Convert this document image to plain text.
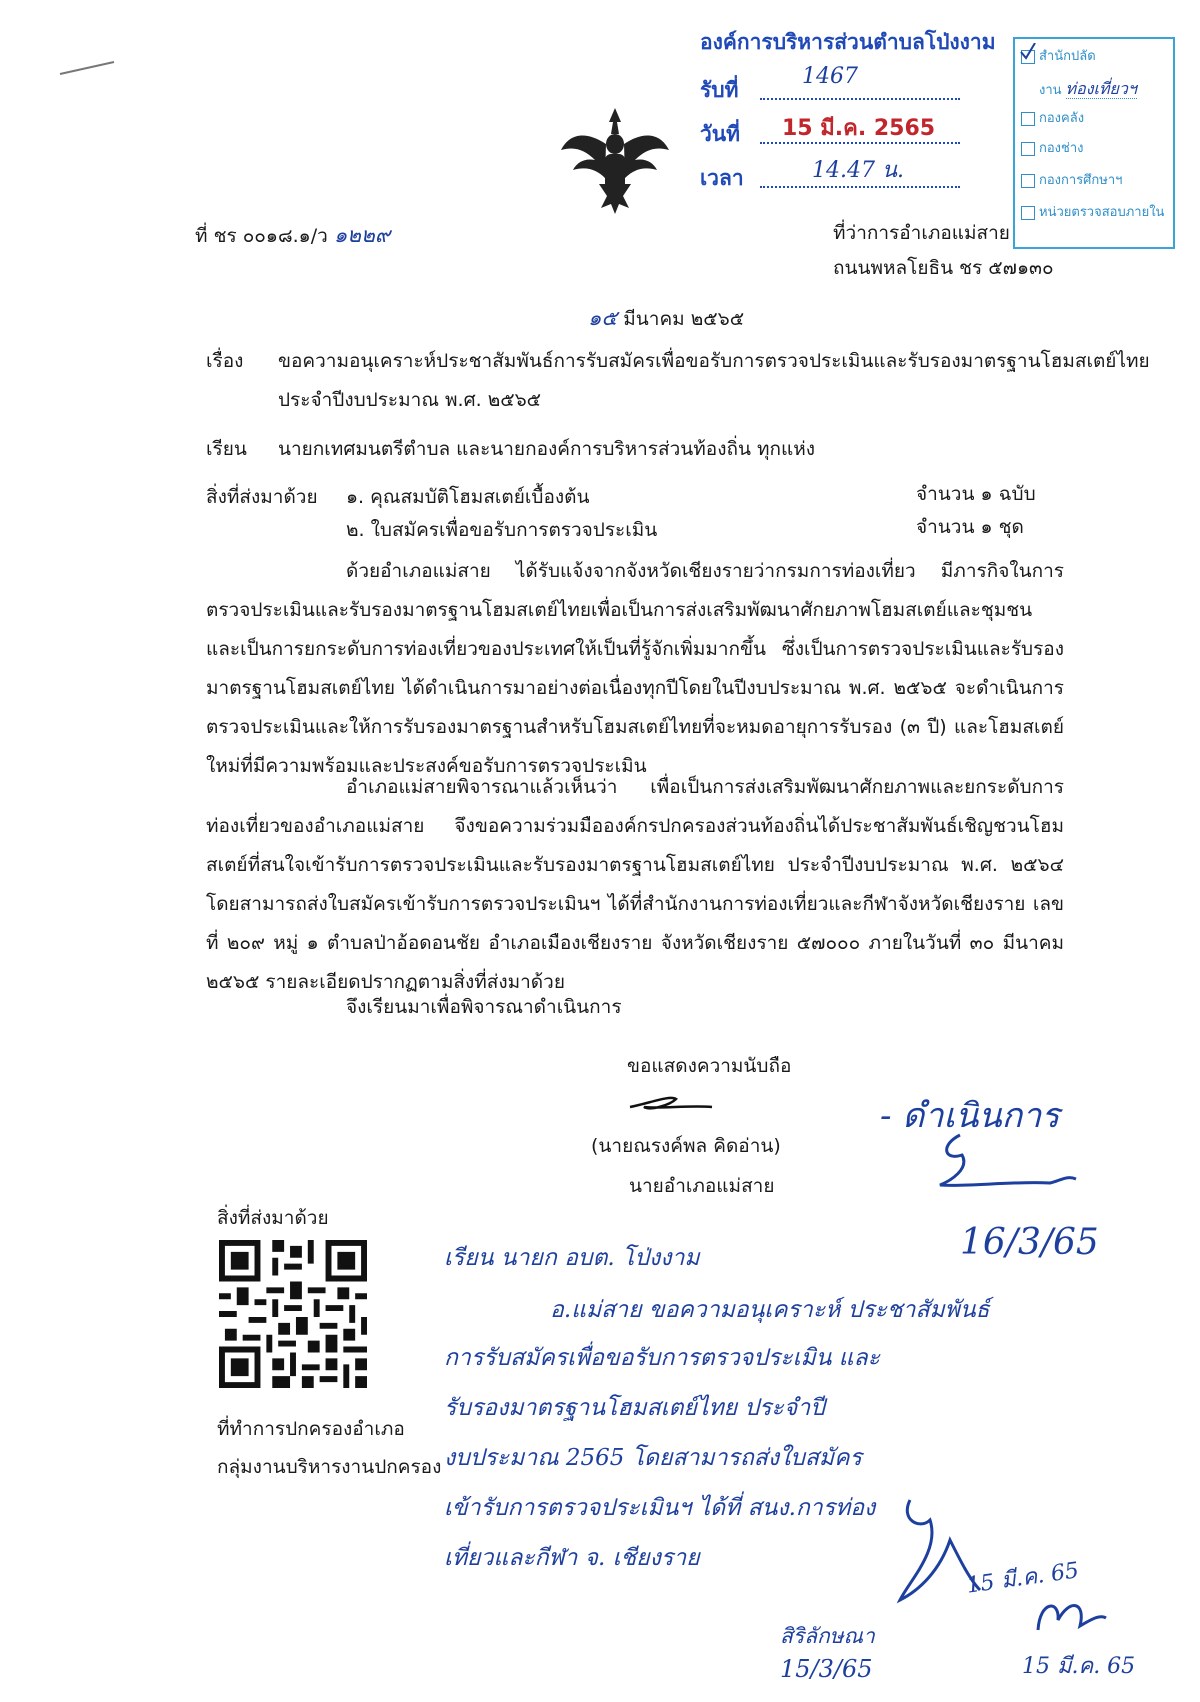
องค์การบริหารส่วนตำบลโป่งงาม
รับที่
1467
วันที่ 15 มี.ค. 2565
เวลา	14.47 น.
สำนักปลัด
งาน ท่องเที่ยวฯ
กองคลัง
กองช่าง
กองการศึกษาฯ
หน่วยตรวจสอบภายใน
ที่ ชร ๐๐๑๘.๑/ว ๑๒๒๙	ที่ว่าการอำเภอแม่สาย
ถนนพหลโยธิน ชร ๕๗๑๓๐
๑๕ มีนาคม ๒๕๖๕
เรื่อง ขอความอนุเคราะห์ประชาสัมพันธ์การรับสมัครเพื่อขอรับการตรวจประเมินและรับรองมาตรฐานโฮมสเตย์ไทย
ประจำปีงบประมาณ พ.ศ. ๒๕๖๕
เรียน นายกเทศมนตรีตำบล และนายกองค์การบริหารส่วนท้องถิ่น ทุกแห่ง
สิ่งที่ส่งมาด้วย ๑. คุณสมบัติโฮมสเตย์เบื้องต้น	จำนวน ๑ ฉบับ
๒. ใบสมัครเพื่อขอรับการตรวจประเมิน	จำนวน ๑ ชุด
ด้วยอำเภอแม่สาย ได้รับแจ้งจากจังหวัดเชียงรายว่ากรมการท่องเที่ยว มีภารกิจในการตรวจประเมินและรับรองมาตรฐานโฮมสเตย์ไทยเพื่อเป็นการส่งเสริมพัฒนาศักยภาพโฮมสเตย์และชุมชน และเป็นการยกระดับการท่องเที่ยวของประเทศให้เป็นที่รู้จักเพิ่มมากขึ้น ซึ่งเป็นการตรวจประเมินและรับรองมาตรฐานโฮมสเตย์ไทย ได้ดำเนินการมาอย่างต่อเนื่องทุกปีโดยในปีงบประมาณ พ.ศ. ๒๕๖๕ จะดำเนินการตรวจประเมินและให้การรับรองมาตรฐานสำหรับโฮมสเตย์ไทยที่จะหมดอายุการรับรอง (๓ ปี) และโฮมสเตย์ใหม่ที่มีความพร้อมและประสงค์ขอรับการตรวจประเมิน
อำเภอแม่สายพิจารณาแล้วเห็นว่า เพื่อเป็นการส่งเสริมพัฒนาศักยภาพและยกระดับการท่องเที่ยวของอำเภอแม่สาย จึงขอความร่วมมือองค์กรปกครองส่วนท้องถิ่นได้ประชาสัมพันธ์เชิญชวนโฮมสเตย์ที่สนใจเข้ารับการตรวจประเมินและรับรองมาตรฐานโฮมสเตย์ไทย ประจำปีงบประมาณ พ.ศ. ๒๕๖๔ โดยสามารถส่งใบสมัครเข้ารับการตรวจประเมินฯ ได้ที่สำนักงานการท่องเที่ยวและกีฬาจังหวัดเชียงราย เลขที่ ๒๐๙ หมู่ ๑ ตำบลป่าอ้อดอนชัย อำเภอเมืองเชียงราย จังหวัดเชียงราย ๕๗๐๐๐ ภายในวันที่ ๓๐ มีนาคม ๒๕๖๕ รายละเอียดปรากฏตามสิ่งที่ส่งมาด้วย
จึงเรียนมาเพื่อพิจารณาดำเนินการ
ขอแสดงความนับถือ
(นายณรงค์พล คิดอ่าน)
นายอำเภอแม่สาย
สิ่งที่ส่งมาด้วย
ที่ทำการปกครองอำเภอ
กลุ่มงานบริหารงานปกครอง
- ดำเนินการ
16/3/65
เรียน นายก อบต. โป่งงาม
อ.แม่สาย ขอความอนุเคราะห์ ประชาสัมพันธ์
การรับสมัครเพื่อขอรับการตรวจประเมิน และ
รับรองมาตรฐานโฮมสเตย์ไทย ประจำปี
งบประมาณ 2565 โดยสามารถส่งใบสมัคร
เข้ารับการตรวจประเมินฯ ได้ที่ สนง.การท่อง
เที่ยวและกีฬา จ. เชียงราย
สิริลักษณา
15/3/65
15 มี.ค. 65
15 มี.ค. 65
